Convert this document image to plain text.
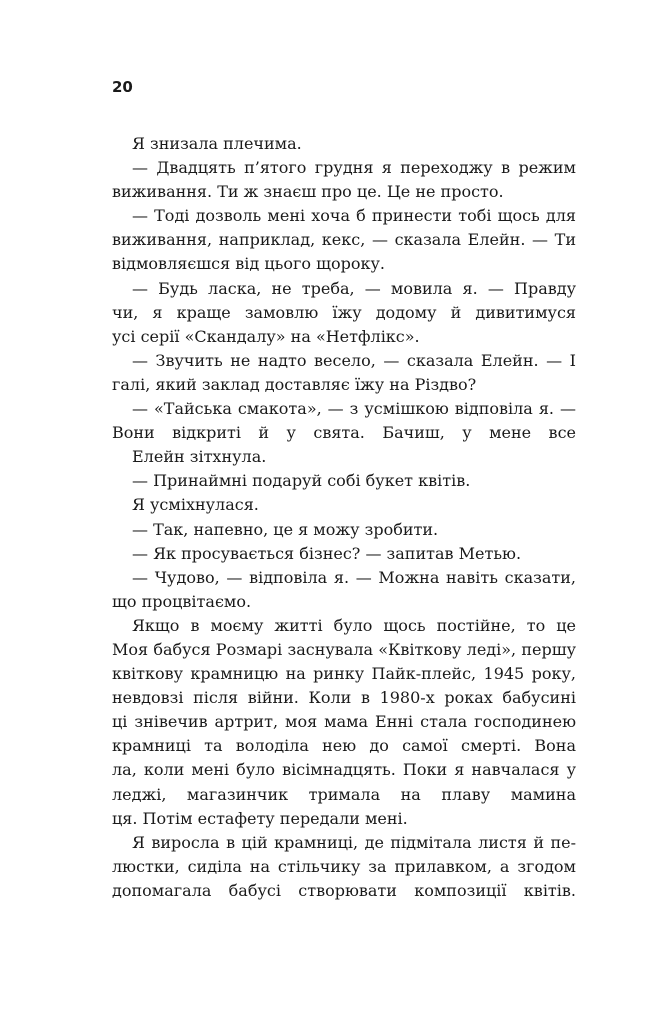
20
Я знизала плечима.
— Двадцять п’ятого грудня я переходжу в режим
виживання. Ти ж знаєш про це. Це не просто.
— Тоді дозволь мені хоча б принести тобі щось для
виживання, наприклад, кекс, — сказала Елейн. — Ти
відмовляєшся від цього щороку.
— Будь ласка, не треба, — мовила я. — Правду
чи, я краще замовлю їжу додому й дивитимуся
усі серії «Скандалу» на «Нетфлікс».
— Звучить не надто весело, — сказала Елейн. — І
галі, який заклад доставляє їжу на Різдво?
— «Тайська смакота», — з усмішкою відповіла я. —
Вони відкриті й у свята. Бачиш, у мене все
Елейн зітхнула.
— Принаймні подаруй собі букет квітів.
Я усміхнулася.
— Так, напевно, це я можу зробити.
— Як просувається бізнес? — запитав Метью.
— Чудово, — відповіла я. — Можна навіть сказати,
що процвітаємо.
Якщо в моєму житті було щось постійне, то це
Моя бабуся Розмарі заснувала «Квіткову леді», першу
квіткову крамницю на ринку Пайк-плейс, 1945 року,
невдовзі після війни. Коли в 1980-х роках бабусині
ці знівечив артрит, моя мама Енні стала господинею
крамниці та володіла нею до самої смерті. Вона
ла, коли мені було вісімнадцять. Поки я навчалася у
леджі, магазинчик тримала на плаву мамина
ця. Потім естафету передали мені.
Я виросла в цій крамниці, де підмітала листя й пе-
люстки, сиділа на стільчику за прилавком, а згодом
допомагала бабусі створювати композиції квітів.
